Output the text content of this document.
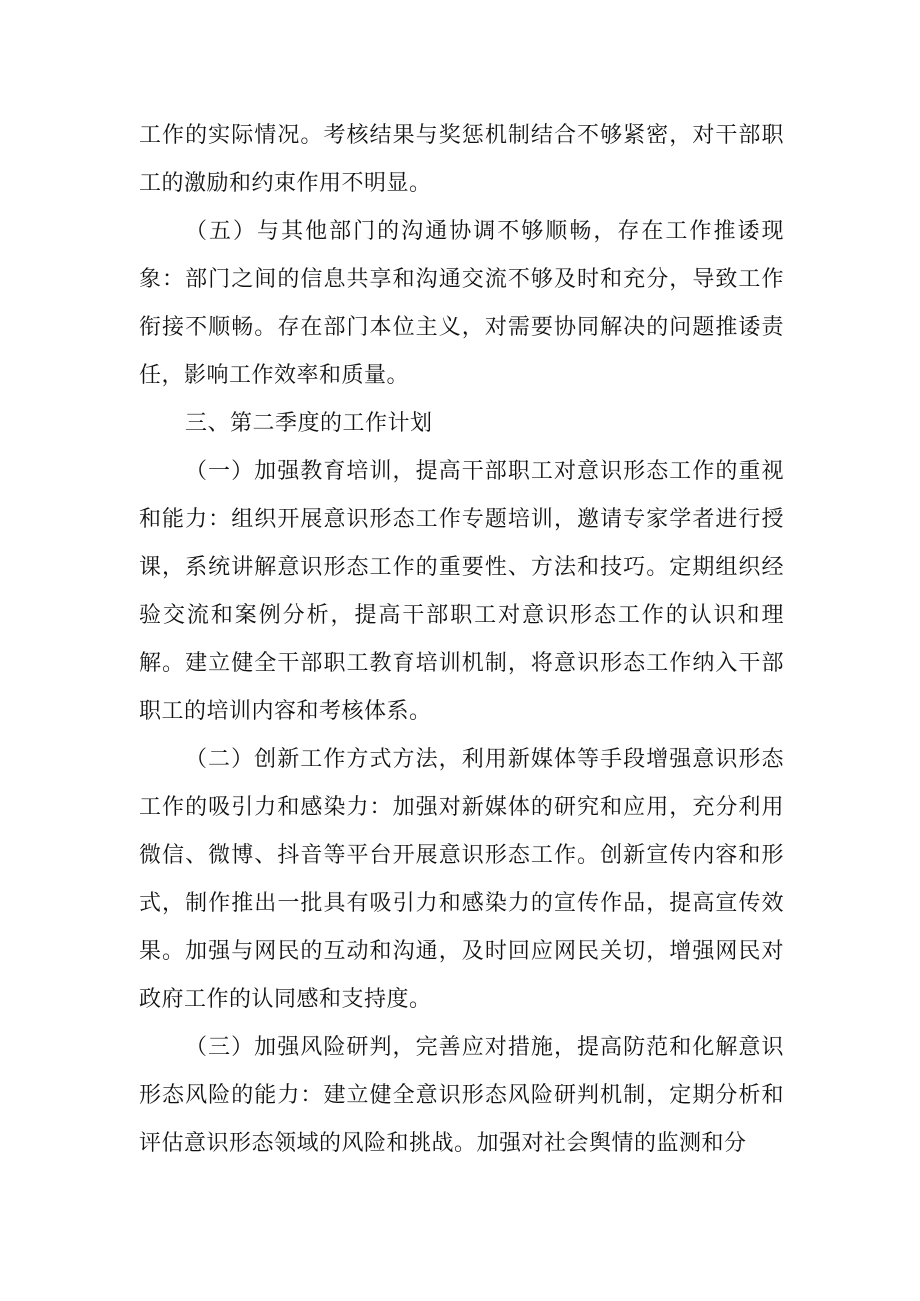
工作的实际情况。考核结果与奖惩机制结合不够紧密，对干部职工的激励和约束作用不明显。

（五）与其他部门的沟通协调不够顺畅，存在工作推诿现象：部门之间的信息共享和沟通交流不够及时和充分，导致工作衔接不顺畅。存在部门本位主义，对需要协同解决的问题推诿责任，影响工作效率和质量。

三、第二季度的工作计划

（一）加强教育培训，提高干部职工对意识形态工作的重视和能力：组织开展意识形态工作专题培训，邀请专家学者进行授课，系统讲解意识形态工作的重要性、方法和技巧。定期组织经验交流和案例分析，提高干部职工对意识形态工作的认识和理解。建立健全干部职工教育培训机制，将意识形态工作纳入干部职工的培训内容和考核体系。

（二）创新工作方式方法，利用新媒体等手段增强意识形态工作的吸引力和感染力：加强对新媒体的研究和应用，充分利用微信、微博、抖音等平台开展意识形态工作。创新宣传内容和形式，制作推出一批具有吸引力和感染力的宣传作品，提高宣传效果。加强与网民的互动和沟通，及时回应网民关切，增强网民对政府工作的认同感和支持度。

（三）加强风险研判，完善应对措施，提高防范和化解意识形态风险的能力：建立健全意识形态风险研判机制，定期分析和评估意识形态领域的风险和挑战。加强对社会舆情的监测和分
